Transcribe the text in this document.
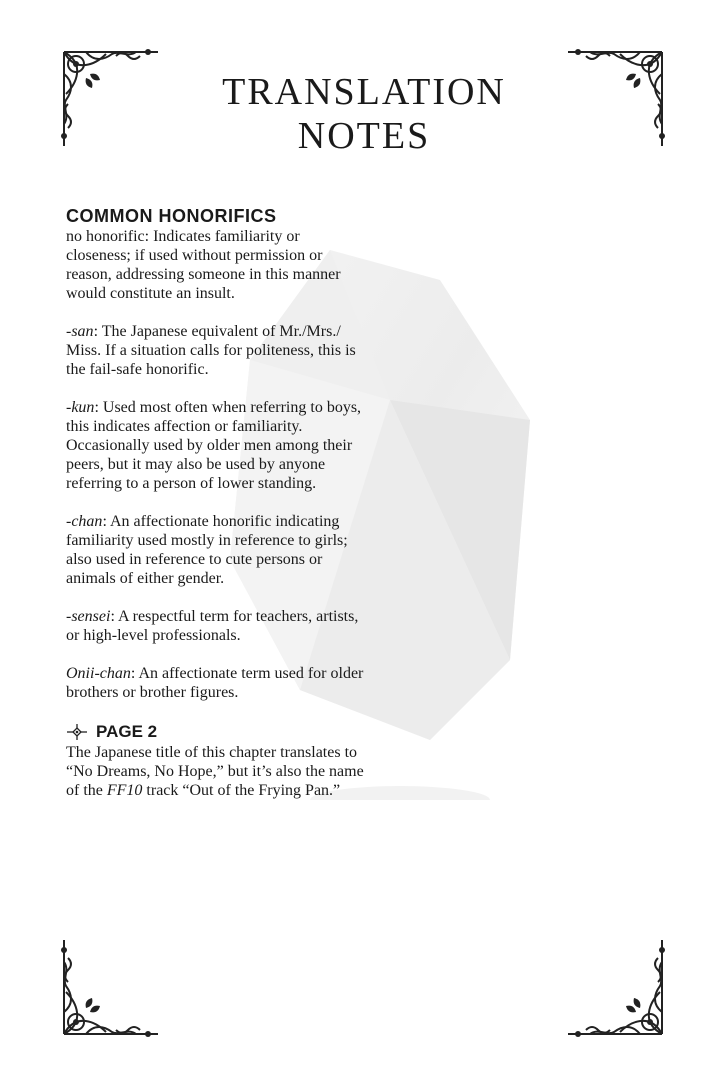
TRANSLATION
NOTES
COMMON HONORIFICS

no honorific: Indicates familiarity or closeness; if used without permission or reason, addressing someone in this manner would constitute an insult.

-san: The Japanese equivalent of Mr./Mrs./ Miss. If a situation calls for politeness, this is the fail-safe honorific.

-kun: Used most often when referring to boys, this indicates affection or familiarity. Occasionally used by older men among their peers, but it may also be used by anyone referring to a person of lower standing.

-chan: An affectionate honorific indicating familiarity used mostly in reference to girls; also used in reference to cute persons or animals of either gender.

-sensei: A respectful term for teachers, artists, or high-level professionals.

Onii-chan: An affectionate term used for older brothers or brother figures.

PAGE 2

The Japanese title of this chapter translates to “No Dreams, No Hope,” but it’s also the name of the FF10 track “Out of the Frying Pan.”
